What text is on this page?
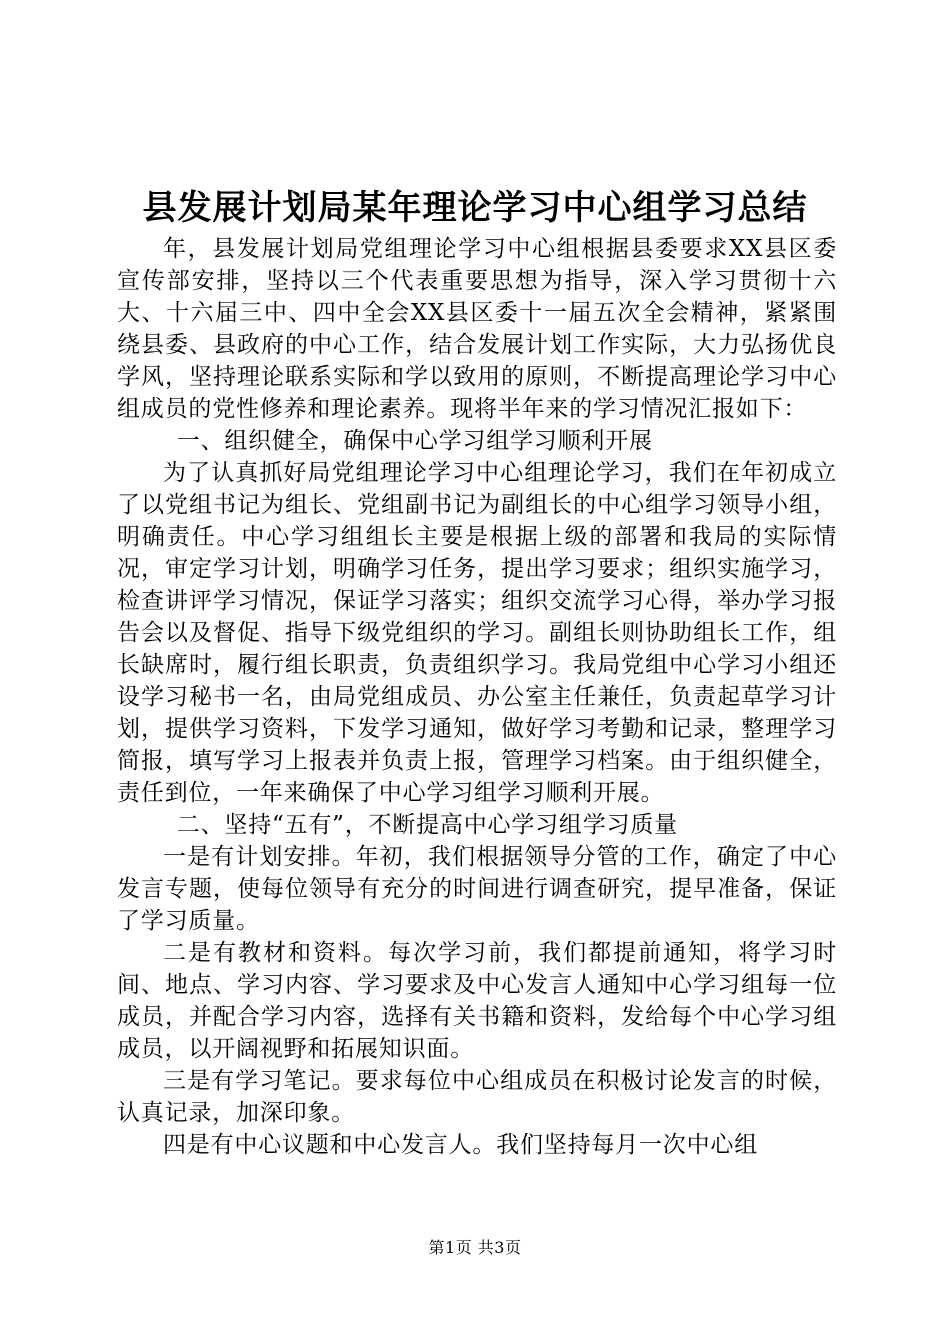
县发展计划局某年理论学习中心组学习总结

年，县发展计划局党组理论学习中心组根据县委要求XX县区委宣传部安排，坚持以三个代表重要思想为指导，深入学习贯彻十六大、十六届三中、四中全会XX县区委十一届五次全会精神，紧紧围绕县委、县政府的中心工作，结合发展计划工作实际，大力弘扬优良学风，坚持理论联系实际和学以致用的原则，不断提高理论学习中心组成员的党性修养和理论素养。现将半年来的学习情况汇报如下：

一、组织健全，确保中心学习组学习顺利开展

为了认真抓好局党组理论学习中心组理论学习，我们在年初成立了以党组书记为组长、党组副书记为副组长的中心组学习领导小组，明确责任。中心学习组组长主要是根据上级的部署和我局的实际情况，审定学习计划，明确学习任务，提出学习要求；组织实施学习，检查讲评学习情况，保证学习落实；组织交流学习心得，举办学习报告会以及督促、指导下级党组织的学习。副组长则协助组长工作，组长缺席时，履行组长职责，负责组织学习。我局党组中心学习小组还设学习秘书一名，由局党组成员、办公室主任兼任，负责起草学习计划，提供学习资料，下发学习通知，做好学习考勤和记录，整理学习简报，填写学习上报表并负责上报，管理学习档案。由于组织健全，责任到位，一年来确保了中心学习组学习顺利开展。

二、坚持“五有”，不断提高中心学习组学习质量

一是有计划安排。年初，我们根据领导分管的工作，确定了中心发言专题，使每位领导有充分的时间进行调查研究，提早准备，保证了学习质量。

二是有教材和资料。每次学习前，我们都提前通知，将学习时间、地点、学习内容、学习要求及中心发言人通知中心学习组每一位成员，并配合学习内容，选择有关书籍和资料，发给每个中心学习组成员，以开阔视野和拓展知识面。

三是有学习笔记。要求每位中心组成员在积极讨论发言的时候，认真记录，加深印象。

四是有中心议题和中心发言人。我们坚持每月一次中心组

第1页 共3页
